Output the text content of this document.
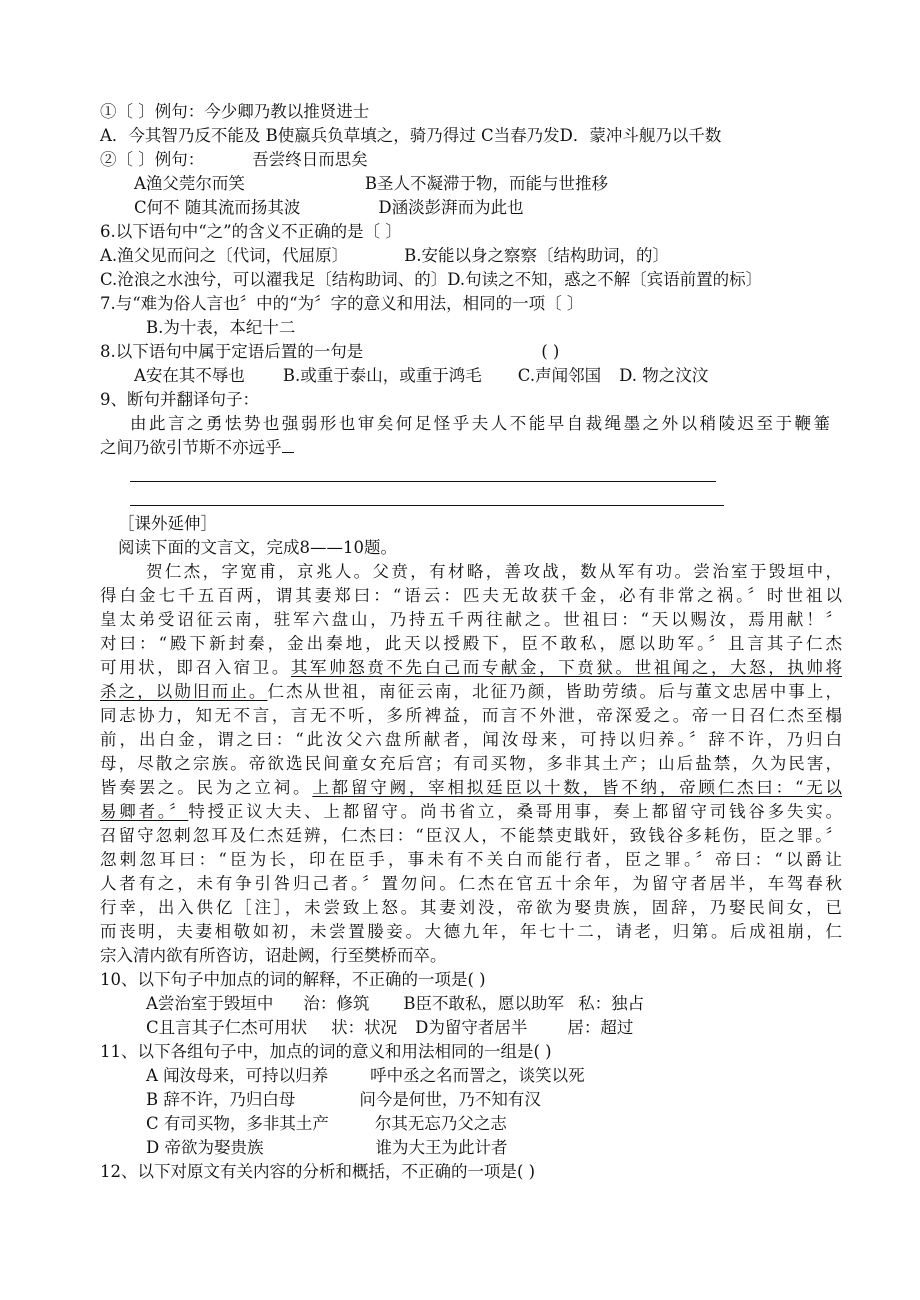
①〔 〕例句：今少卿乃教以推贤进士
A．今其智乃反不能及 B使嬴兵负草填之，骑乃得过 C当春乃发D．蒙冲斗舰乃以千数
②〔 〕例句：	吾尝终日而思矣
A渔父莞尔而笑	B圣人不凝滞于物，而能与世推移
C何不 随其流而扬其波	D涵淡彭湃而为此也
6.以下语句中“之”的含义不正确的是〔 〕
A.渔父见而问之〔代词，代屈原〕	B.安能以身之察察〔结构助词，的〕
C.沧浪之水浊兮，可以濯我足〔结构助词、的〕D.句读之不知，惑之不解〔宾语前置的标〕
7.与“难为俗人言也〞中的“为〞字的意义和用法，相同的一项〔 〕
B.为十表，本纪十二
8.以下语句中属于定语后置的一句是	( )
A安在其不辱也 B.或重于泰山，或重于鸿毛 C.声闻邻国 D. 物之汶汶
9、断句并翻译句子：
由此言之勇怯势也强弱形也审矣何足怪乎夫人不能早自裁绳墨之外以稍陵迟至于鞭箠
之间乃欲引节斯不亦远乎
［课外延伸］
阅读下面的文言文，完成8——10题。
贺仁杰，字宽甫，京兆人。父贲，有材略，善攻战，数从军有功。尝治室于毁垣中，
得白金七千五百两，谓其妻郑曰：“语云：匹夫无故获千金，必有非常之祸。〞时世祖以
皇太弟受诏征云南，驻军六盘山，乃持五千两往献之。世祖曰：“天以赐汝，焉用献！〞
对曰：“殿下新封秦，金出秦地，此天以授殿下，臣不敢私，愿以助军。〞且言其子仁杰
可用状，即召入宿卫。其军帅怒贲不先白己而专献金，下贲狱。世祖闻之，大怒，执帅将
杀之，以勋旧而止。仁杰从世祖，南征云南，北征乃颜，皆助劳绩。后与董文忠居中事上，
同志协力，知无不言，言无不听，多所裨益，而言不外泄，帝深爱之。帝一日召仁杰至榻
前，出白金，谓之曰：“此汝父六盘所献者，闻汝母来，可持以归养。〞辞不许，乃归白
母，尽散之宗族。帝欲选民间童女充后宫；有司买物，多非其土产；山后盐禁，久为民害，
皆奏罢之。民为之立祠。上都留守阙，宰相拟廷臣以十数，皆不纳，帝顾仁杰曰：“无以
易卿者。〞特授正议大夫、上都留守。尚书省立，桑哥用事，奏上都留守司钱谷多失实。
召留守忽剌忽耳及仁杰廷辨，仁杰曰：“臣汉人，不能禁吏戢奸，致钱谷多耗伤，臣之罪。〞
忽剌忽耳曰：“臣为长，印在臣手，事未有不关白而能行者，臣之罪。〞帝曰：“以爵让
人者有之，未有争引咎归己者。〞置勿问。仁杰在官五十余年，为留守者居半，车驾春秋
行幸，出入供亿［注］，未尝致上怒。其妻刘没，帝欲为娶贵族，固辞，乃娶民间女，已
而丧明，夫妻相敬如初，未尝置媵妾。大德九年，年七十二，请老，归第。后成祖崩，仁
宗入清内欲有所咨访，诏赴阙，行至樊桥而卒。
10、以下句子中加点的词的解释，不正确的一项是( )
A尝治室于毁垣中 治：修筑 B臣不敢私，愿以助军 私：独占
C且言其子仁杰可用状 状：状况 D为留守者居半 居：超过
11、以下各组句子中，加点的词的意义和用法相同的一组是( )
A 闻汝母来，可持以归养	呼中丞之名而詈之，谈笑以死
B 辞不许，乃归白母	问今是何世，乃不知有汉
C 有司买物，多非其土产	尔其无忘乃父之志
D 帝欲为娶贵族	谁为大王为此计者
12、以下对原文有关内容的分析和概括，不正确的一项是( )
